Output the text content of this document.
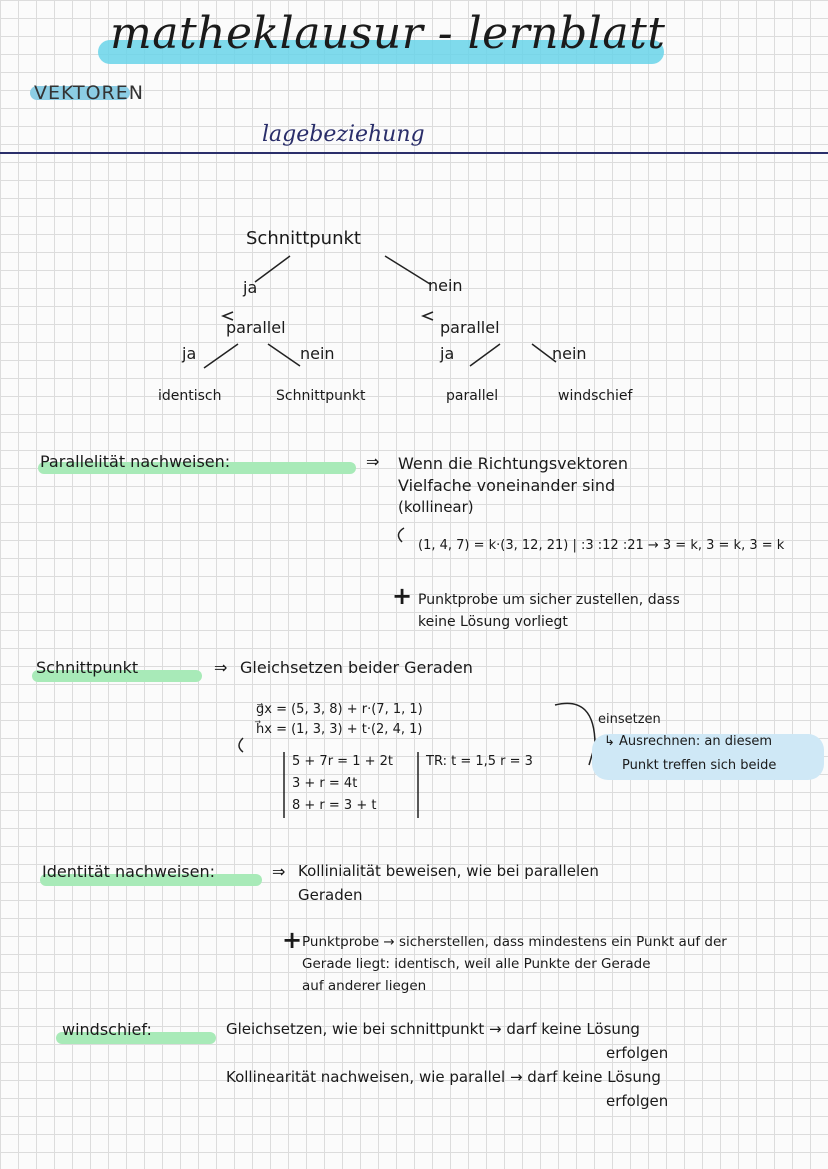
matheklausur - lernblatt
VEKTOREN
lagebeziehung
Schnittpunkt
ja	nein
parallel	parallel
ja	nein	ja	nein
identisch	Schnittpunkt	parallel	windschief
Parallelität nachweisen:	⇒ Wenn die Richtungsvektoren
Vielfache voneinander sind
(kollinear)
(1, 4, 7) = k·(3, 12, 21) | :3 :12 :21 → 3 = k, 3 = k, 3 = k
+ Punktprobe um sicher zustellen, dass
keine Lösung vorliegt
Schnittpunkt	⇒ Gleichsetzen beider Geraden
g⃗x = (5, 3, 8) + r·(7, 1, 1)
h⃗x = (1, 3, 3) + t·(2, 4, 1)
5 + 7r = 1 + 2t
3 + r = 4t
8 + r = 3 + t
TR: t = 1,5 r = 3
einsetzen
↳ Ausrechnen: an diesem
Punkt treffen sich beide
Identität nachweisen:	⇒ Kollinialität beweisen, wie bei parallelen
Geraden
+ Punktprobe → sicherstellen, dass mindestens ein Punkt auf der
Gerade liegt: identisch, weil alle Punkte der Gerade
auf anderer liegen
windschief:	Gleichsetzen, wie bei schnittpunkt → darf keine Lösung
erfolgen
Kollinearität nachweisen, wie parallel → darf keine Lösung
erfolgen
